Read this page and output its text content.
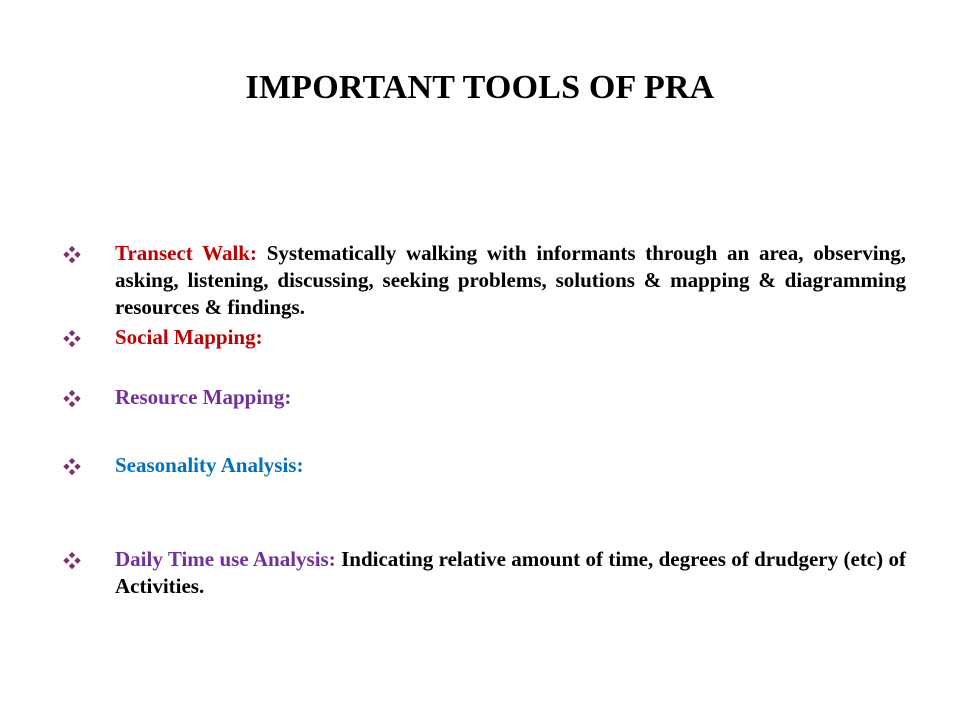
IMPORTANT TOOLS OF PRA
Transect Walk: Systematically walking with informants through an area, observing, asking, listening, discussing, seeking problems, solutions & mapping & diagramming resources & findings.
Social Mapping:
Resource Mapping:
Seasonality Analysis:
Daily Time use Analysis: Indicating relative amount of time, degrees of drudgery (etc) of Activities.
